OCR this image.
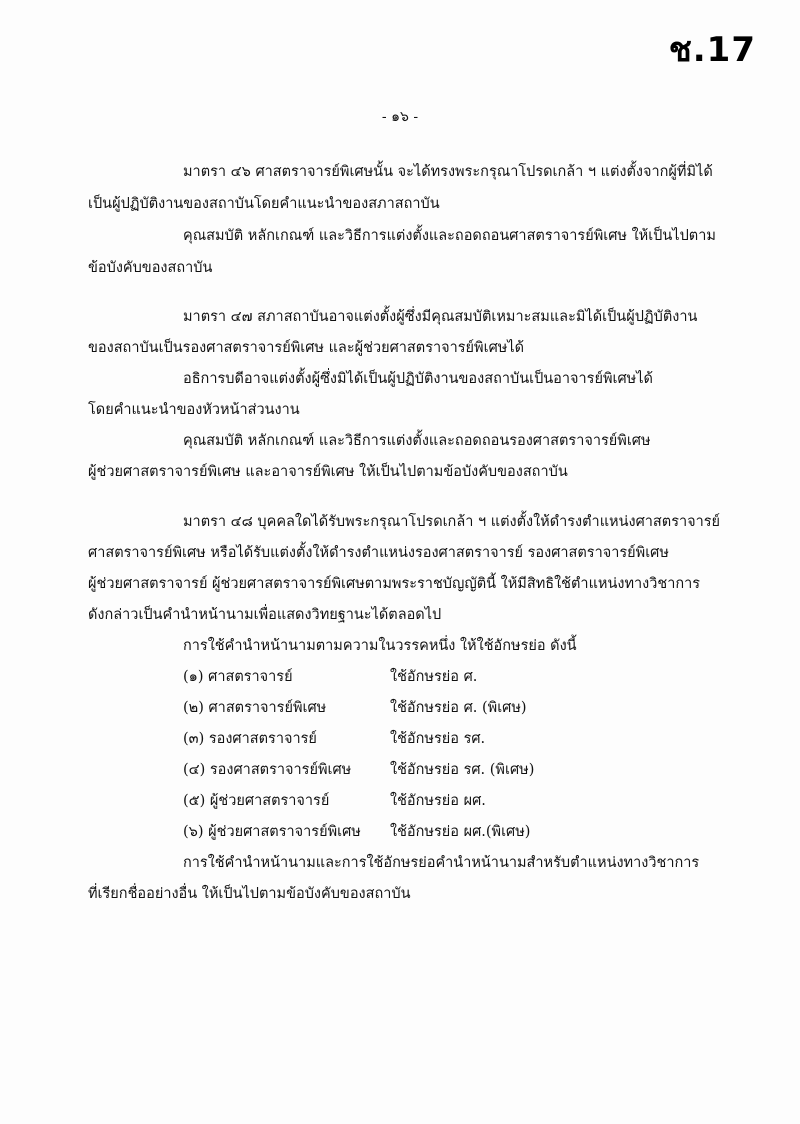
ช.17
- ๑๖ -
มาตรา ๔๖ ศาสตราจารย์พิเศษนั้น จะได้ทรงพระกรุณาโปรดเกล้า ฯ แต่งตั้งจากผู้ที่มิได้
เป็นผู้ปฏิบัติงานของสถาบันโดยคำแนะนำของสภาสถาบัน
คุณสมบัติ หลักเกณฑ์ และวิธีการแต่งตั้งและถอดถอนศาสตราจารย์พิเศษ ให้เป็นไปตาม
ข้อบังคับของสถาบัน
มาตรา ๔๗ สภาสถาบันอาจแต่งตั้งผู้ซึ่งมีคุณสมบัติเหมาะสมและมิได้เป็นผู้ปฏิบัติงาน
ของสถาบันเป็นรองศาสตราจารย์พิเศษ และผู้ช่วยศาสตราจารย์พิเศษได้
อธิการบดีอาจแต่งตั้งผู้ซึ่งมิได้เป็นผู้ปฏิบัติงานของสถาบันเป็นอาจารย์พิเศษได้
โดยคำแนะนำของหัวหน้าส่วนงาน
คุณสมบัติ หลักเกณฑ์ และวิธีการแต่งตั้งและถอดถอนรองศาสตราจารย์พิเศษ
ผู้ช่วยศาสตราจารย์พิเศษ และอาจารย์พิเศษ ให้เป็นไปตามข้อบังคับของสถาบัน
มาตรา ๔๘ บุคคลใดได้รับพระกรุณาโปรดเกล้า ฯ แต่งตั้งให้ดำรงตำแหน่งศาสตราจารย์
ศาสตราจารย์พิเศษ หรือได้รับแต่งตั้งให้ดำรงตำแหน่งรองศาสตราจารย์ รองศาสตราจารย์พิเศษ
ผู้ช่วยศาสตราจารย์ ผู้ช่วยศาสตราจารย์พิเศษตามพระราชบัญญัตินี้ ให้มีสิทธิใช้ตำแหน่งทางวิชาการ
ดังกล่าวเป็นคำนำหน้านามเพื่อแสดงวิทยฐานะได้ตลอดไป
การใช้คำนำหน้านามตามความในวรรคหนึ่ง ให้ใช้อักษรย่อ ดังนี้
(๑) ศาสตราจารย์	ใช้อักษรย่อ ศ.
(๒) ศาสตราจารย์พิเศษ	ใช้อักษรย่อ ศ. (พิเศษ)
(๓) รองศาสตราจารย์	ใช้อักษรย่อ รศ.
(๔) รองศาสตราจารย์พิเศษ	ใช้อักษรย่อ รศ. (พิเศษ)
(๕) ผู้ช่วยศาสตราจารย์	ใช้อักษรย่อ ผศ.
(๖) ผู้ช่วยศาสตราจารย์พิเศษ ใช้อักษรย่อ ผศ.(พิเศษ)
การใช้คำนำหน้านามและการใช้อักษรย่อคำนำหน้านามสำหรับตำแหน่งทางวิชาการ
ที่เรียกชื่ออย่างอื่น ให้เป็นไปตามข้อบังคับของสถาบัน
